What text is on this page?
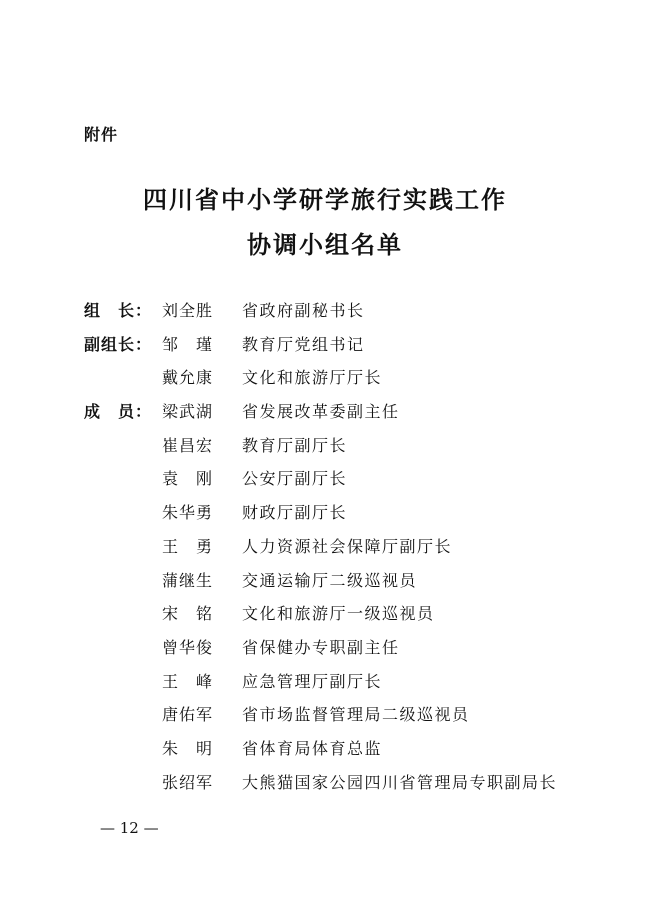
附件
四川省中小学研学旅行实践工作
协调小组名单
组　长： 刘全胜 省政府副秘书长
副组长： 邹　瑾 教育厅党组书记
戴允康 文化和旅游厅厅长
成　员： 梁武湖 省发展改革委副主任
崔昌宏 教育厅副厅长
袁　刚 公安厅副厅长
朱华勇 财政厅副厅长
王　勇 人力资源社会保障厅副厅长
蒲继生 交通运输厅二级巡视员
宋　铭 文化和旅游厅一级巡视员
曾华俊 省保健办专职副主任
王　峰 应急管理厅副厅长
唐佑军 省市场监督管理局二级巡视员
朱　明 省体育局体育总监
张绍军 大熊猫国家公园四川省管理局专职副局长
— 12 —
